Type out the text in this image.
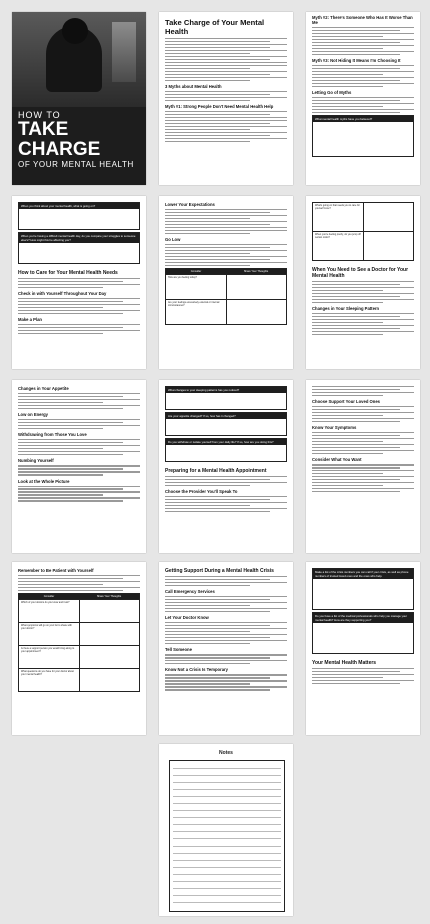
HOW TO
TAKE
CHARGE
OF YOUR MENTAL HEALTH
Take Charge of Your Mental Health
3 Myths about Mental Health
Myth #1: Strong People Don't Need Mental Health Help
Myth #2: There's Someone Who Has It Worse Than Me
Myth #3: Not Hiding It Means I'm Choosing It
Letting Go of Myths
What mental health myths have you believed?
When you think about your mental health, what is going on?
When you're having a difficult mental health day, do you compare your struggles to someone else's? How might this be affecting you?
How to Care for Your Mental Health Needs
Check in with Yourself Throughout Your Day
Make a Plan
Lower Your Expectations
Go Low
Consider	Share Your Thoughts
How are you feeling today?
Are your feelings excessively external or internal circumstances?
What's going on that needs you to care for yourself more?
When you're feeling poorly, do you jump off certain rocks?
When You Need to See a Doctor for Your Mental Health
Changes in Your Sleeping Pattern
Changes in Your Appetite
Low on Energy
Withdrawing from Those You Love
Numbing Yourself
Look at the Whole Picture
What changes to your sleeping patterns has you noticed?
Are your appetite changed? If so, how has it changed?
Do you withdraw or isolate yourself from your daily life? If so, how are you doing this?
Preparing for a Mental Health Appointment
Choose the Provider You'll Speak To
Choose Support Your Loved Ones
Know Your Symptoms
Consider What You Want
Remember to Be Patient with Yourself
Consider	Share Your Thoughts
Which of your doctors do you know and trust?
What symptoms will go on your list to share with your doctor?
Is there a support person you would bring along to your appointment?
What questions do you have for your doctor about your mental health?
Getting Support During a Mental Health Crisis
Call Emergency Services
Let Your Doctor Know
Tell Someone
Know Not a Crisis Is Temporary
Make a list of the crisis numbers you can call if your crisis, as well as phone numbers of trusted loved ones and the ones who help.
Do you have a list of the medical professionals who help you manage your mental health? How are they supporting you?
Your Mental Health Matters
Notes
